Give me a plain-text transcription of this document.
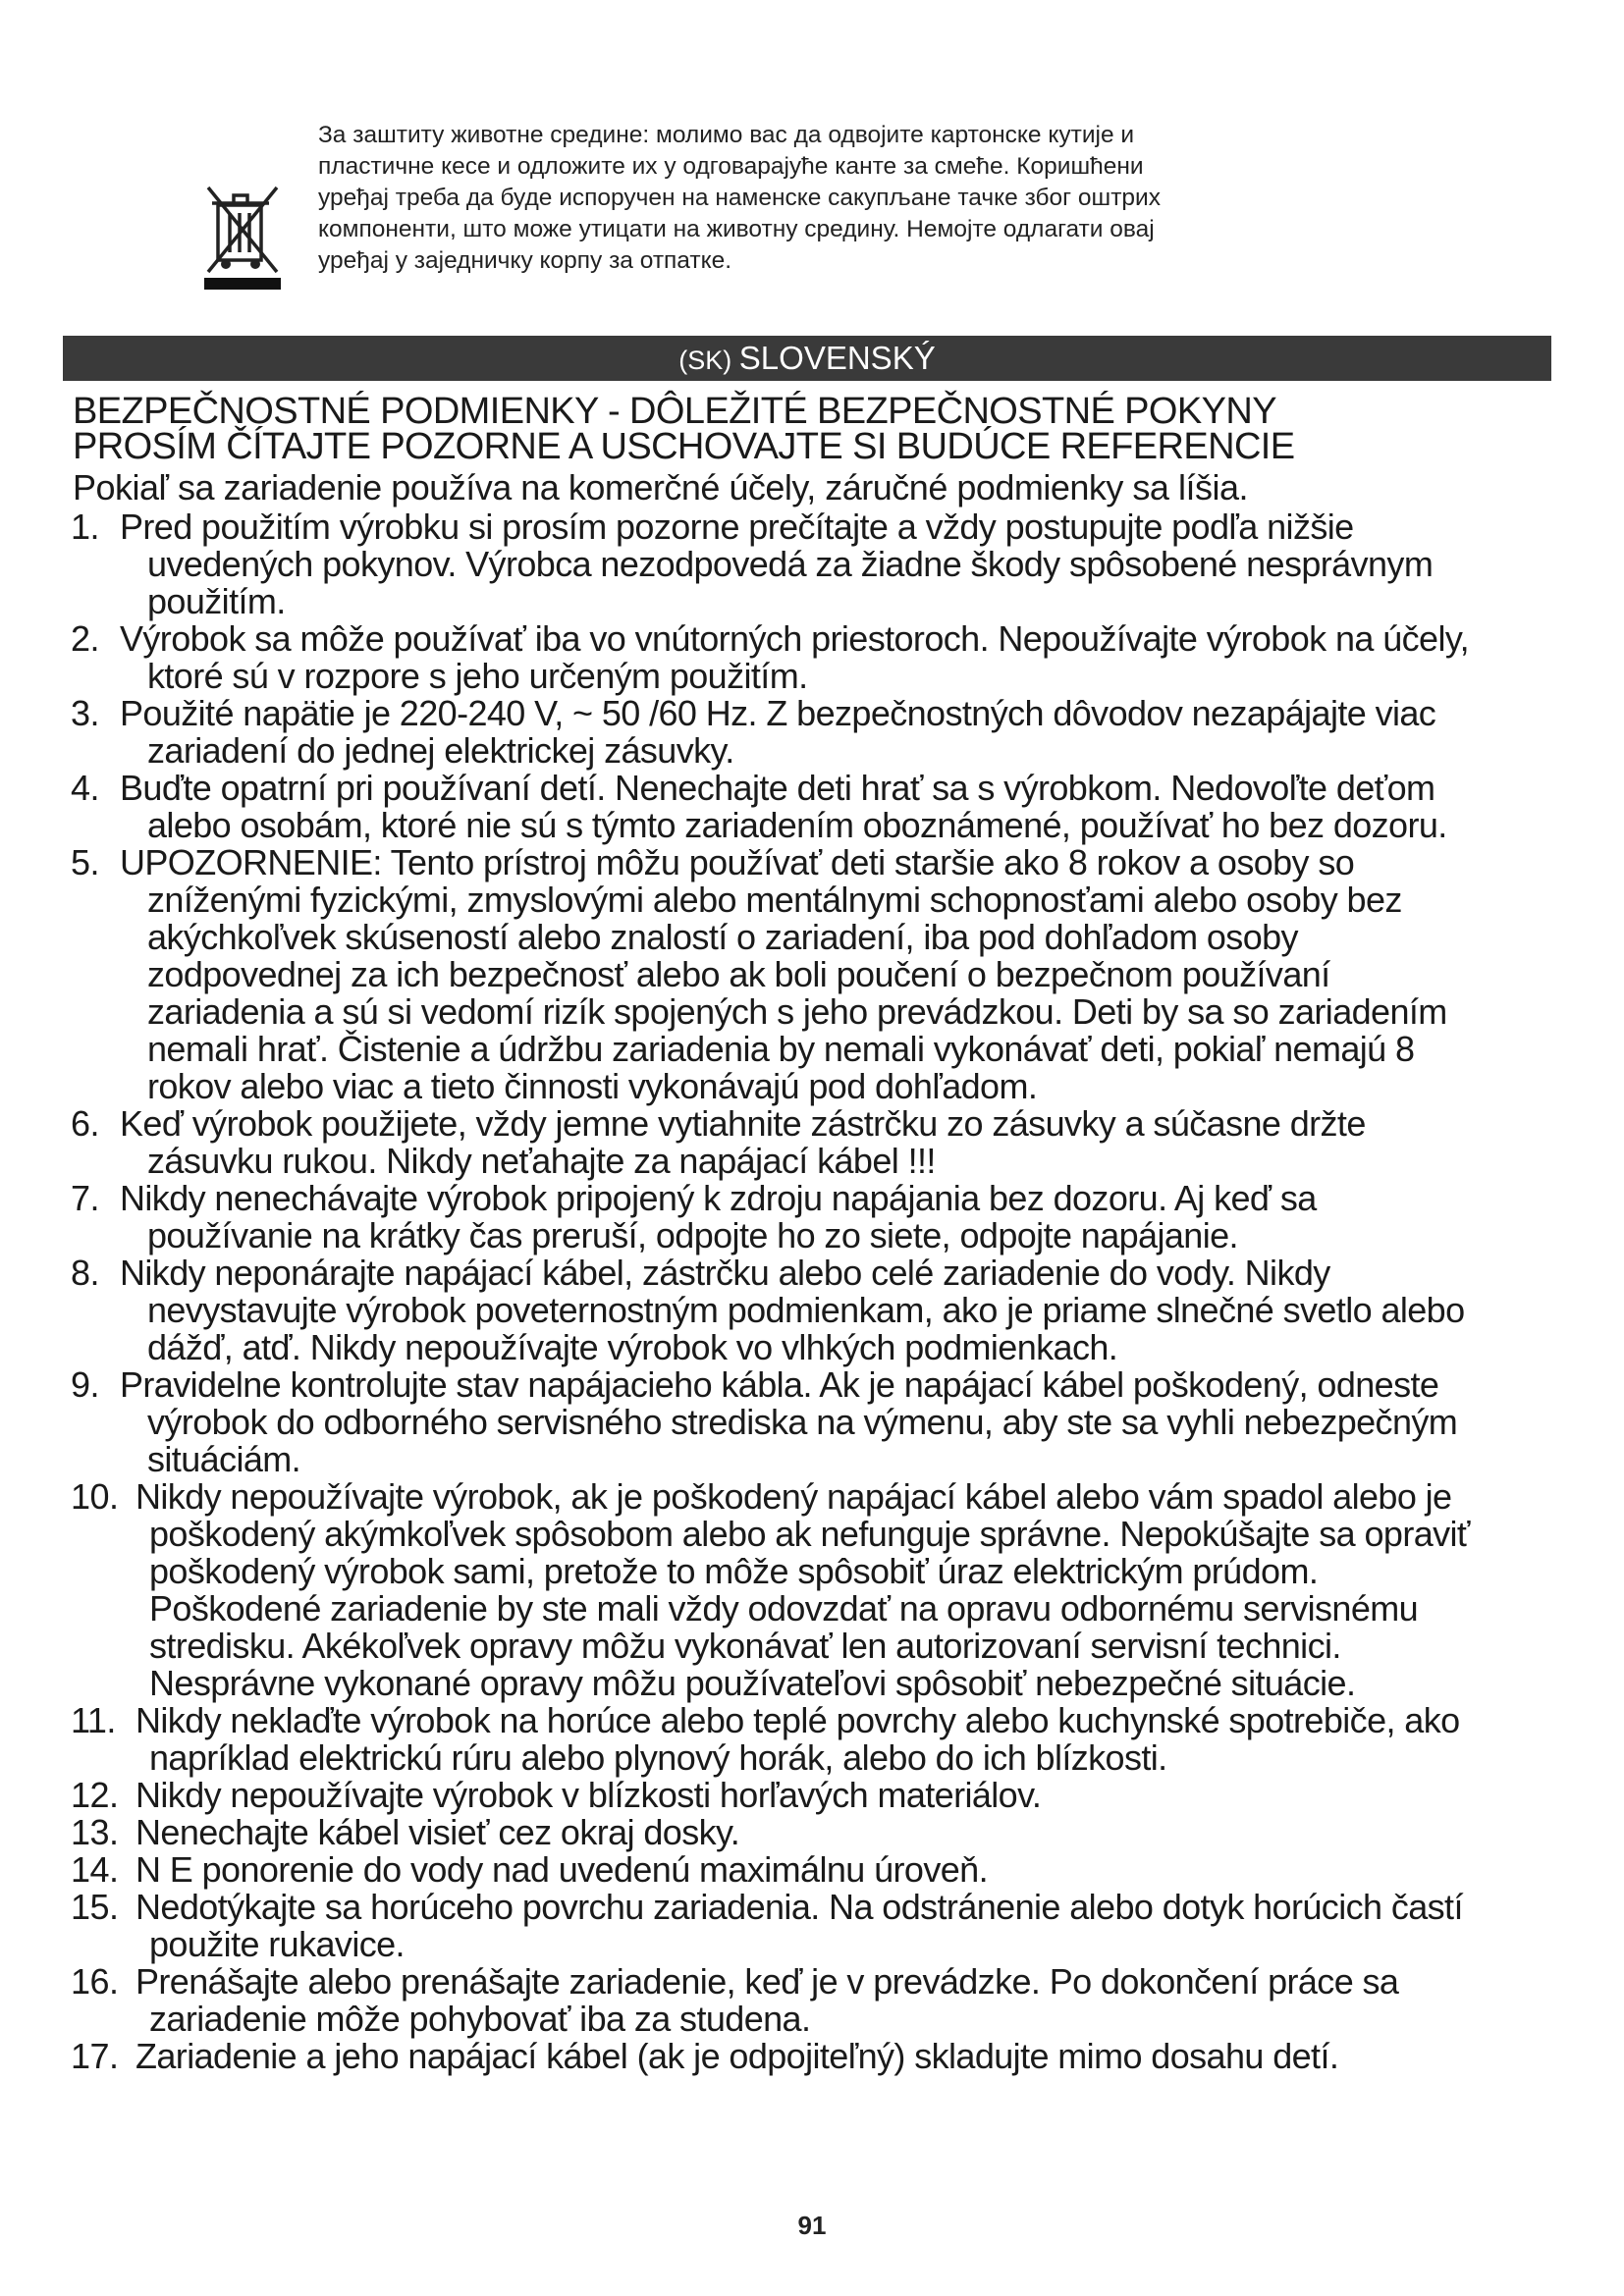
За заштиту животне средине: молимо вас да одвојите картонске кутије и
пластичне кесе и одложите их у одговарајуће канте за смеће. Коришћени
уређај треба да буде испоручен на наменске сакупљане тачке због оштрих
компоненти, што може утицати на животну средину. Немојте одлагати овај
уређај у заједничку корпу за отпатке.
(SK) SLOVENSKÝ
BEZPEČNOSTNÉ PODMIENKY - DÔLEŽITÉ BEZPEČNOSTNÉ POKYNY
PROSÍM ČÍTAJTE POZORNE A USCHOVAJTE SI BUDÚCE REFERENCIE
Pokiaľ sa zariadenie používa na komerčné účely, záručné podmienky sa líšia.
1. Pred použitím výrobku si prosím pozorne prečítajte a vždy postupujte podľa nižšie
uvedených pokynov. Výrobca nezodpovedá za žiadne škody spôsobené nesprávnym
použitím.
2. Výrobok sa môže používať iba vo vnútorných priestoroch. Nepoužívajte výrobok na účely,
ktoré sú v rozpore s jeho určeným použitím.
3. Použité napätie je 220-240 V, ~ 50 /60 Hz. Z bezpečnostných dôvodov nezapájajte viac
zariadení do jednej elektrickej zásuvky.
4. Buďte opatrní pri používaní detí. Nenechajte deti hrať sa s výrobkom. Nedovoľte deťom
alebo osobám, ktoré nie sú s týmto zariadením oboznámené, používať ho bez dozoru.
5. UPOZORNENIE: Tento prístroj môžu používať deti staršie ako 8 rokov a osoby so
zníženými fyzickými, zmyslovými alebo mentálnymi schopnosťami alebo osoby bez
akýchkoľvek skúseností alebo znalostí o zariadení, iba pod dohľadom osoby
zodpovednej za ich bezpečnosť alebo ak boli poučení o bezpečnom používaní
zariadenia a sú si vedomí rizík spojených s jeho prevádzkou. Deti by sa so zariadením
nemali hrať. Čistenie a údržbu zariadenia by nemali vykonávať deti, pokiaľ nemajú 8
rokov alebo viac a tieto činnosti vykonávajú pod dohľadom.
6. Keď výrobok použijete, vždy jemne vytiahnite zástrčku zo zásuvky a súčasne držte
zásuvku rukou. Nikdy neťahajte za napájací kábel !!!
7. Nikdy nenechávajte výrobok pripojený k zdroju napájania bez dozoru. Aj keď sa
používanie na krátky čas preruší, odpojte ho zo siete, odpojte napájanie.
8. Nikdy neponárajte napájací kábel, zástrčku alebo celé zariadenie do vody. Nikdy
nevystavujte výrobok poveternostným podmienkam, ako je priame slnečné svetlo alebo
dážď, atď. Nikdy nepoužívajte výrobok vo vlhkých podmienkach.
9. Pravidelne kontrolujte stav napájacieho kábla. Ak je napájací kábel poškodený, odneste
výrobok do odborného servisného strediska na výmenu, aby ste sa vyhli nebezpečným
situáciám.
10. Nikdy nepoužívajte výrobok, ak je poškodený napájací kábel alebo vám spadol alebo je
poškodený akýmkoľvek spôsobom alebo ak nefunguje správne. Nepokúšajte sa opraviť
poškodený výrobok sami, pretože to môže spôsobiť úraz elektrickým prúdom.
Poškodené zariadenie by ste mali vždy odovzdať na opravu odbornému servisnému
stredisku. Akékoľvek opravy môžu vykonávať len autorizovaní servisní technici.
Nesprávne vykonané opravy môžu používateľovi spôsobiť nebezpečné situácie.
11. Nikdy neklaďte výrobok na horúce alebo teplé povrchy alebo kuchynské spotrebiče, ako
napríklad elektrickú rúru alebo plynový horák, alebo do ich blízkosti.
12. Nikdy nepoužívajte výrobok v blízkosti horľavých materiálov.
13. Nenechajte kábel visieť cez okraj dosky.
14. N E ponorenie do vody nad uvedenú maximálnu úroveň.
15. Nedotýkajte sa horúceho povrchu zariadenia. Na odstránenie alebo dotyk horúcich častí
použite rukavice.
16. Prenášajte alebo prenášajte zariadenie, keď je v prevádzke. Po dokončení práce sa
zariadenie môže pohybovať iba za studena.
17. Zariadenie a jeho napájací kábel (ak je odpojiteľný) skladujte mimo dosahu detí.
91
